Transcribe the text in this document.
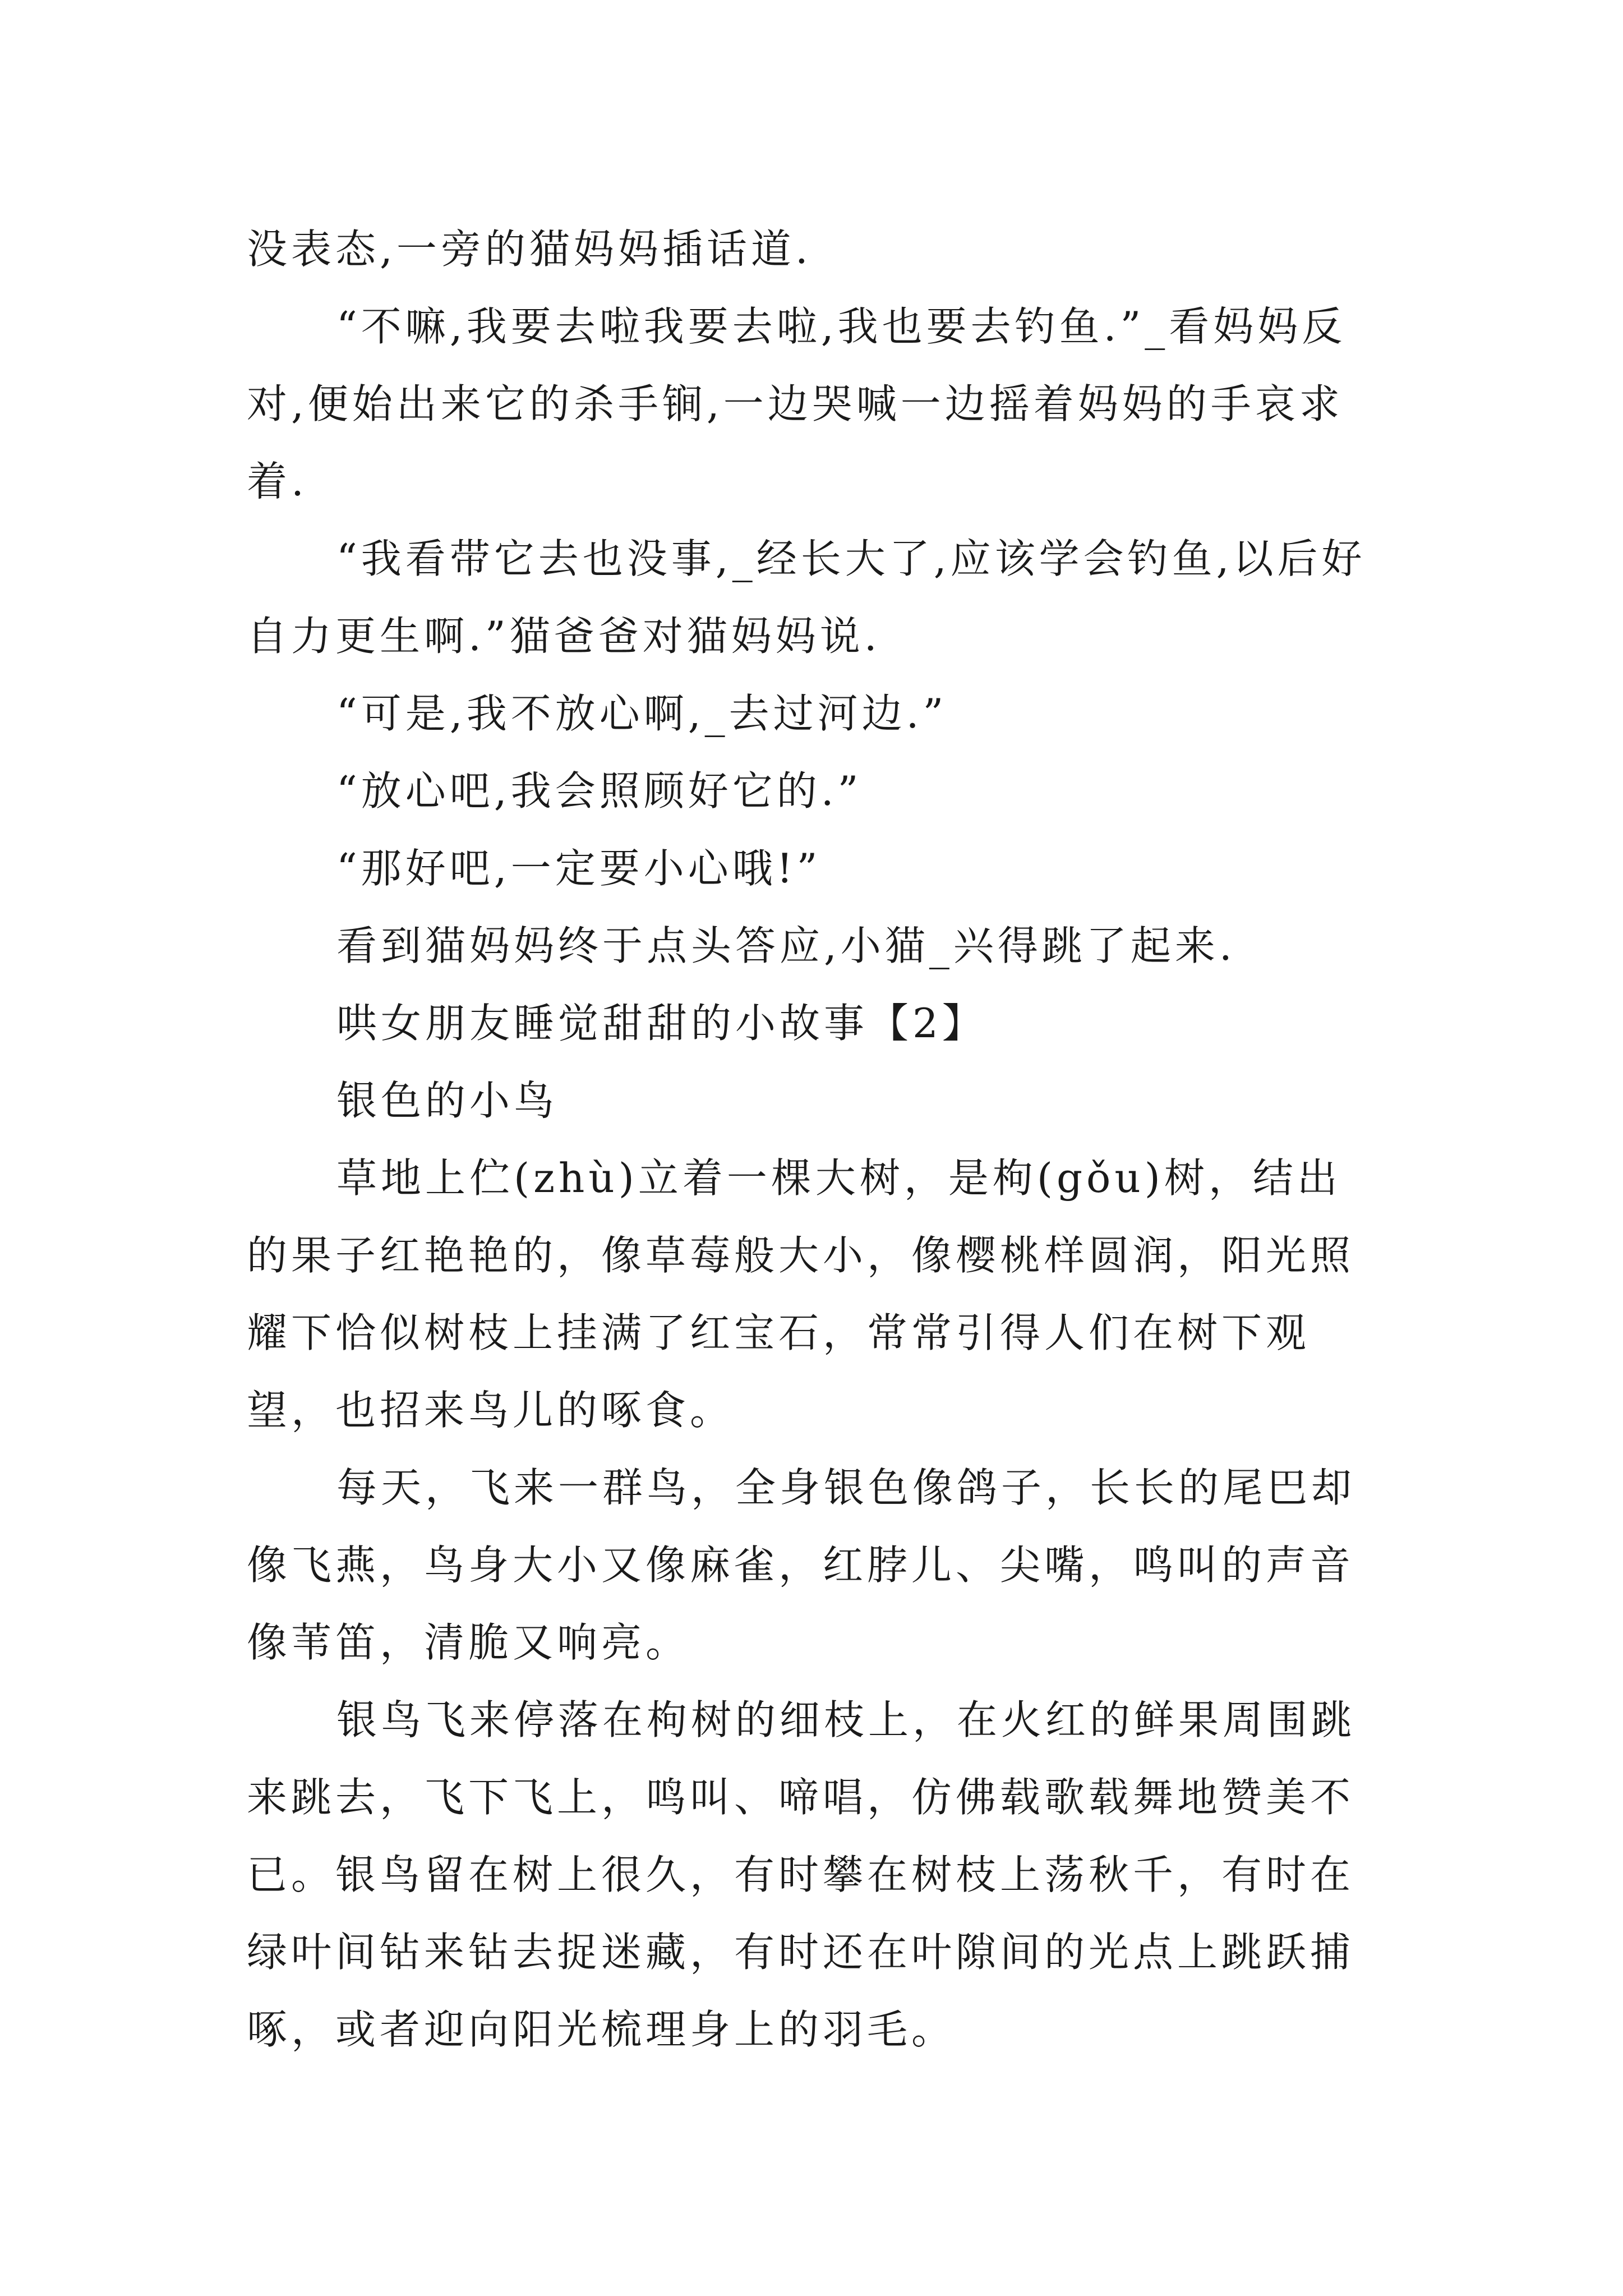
没表态,一旁的猫妈妈插话道.

“不嘛,我要去啦我要去啦,我也要去钓鱼.”_看妈妈反对,便始出来它的杀手锏,一边哭喊一边摇着妈妈的手哀求着.

“我看带它去也没事,_经长大了,应该学会钓鱼,以后好自力更生啊.”猫爸爸对猫妈妈说.

“可是,我不放心啊,_去过河边.”

“放心吧,我会照顾好它的.”

“那好吧,一定要小心哦!”

看到猫妈妈终于点头答应,小猫_兴得跳了起来.

哄女朋友睡觉甜甜的小故事【2】

银色的小鸟

草地上伫(zhù)立着一棵大树，是枸(gǒu)树，结出的果子红艳艳的，像草莓般大小，像樱桃样圆润，阳光照耀下恰似树枝上挂满了红宝石，常常引得人们在树下观望，也招来鸟儿的啄食。

每天，飞来一群鸟，全身银色像鸽子，长长的尾巴却像飞燕，鸟身大小又像麻雀，红脖儿、尖嘴，鸣叫的声音像苇笛，清脆又响亮。

银鸟飞来停落在枸树的细枝上，在火红的鲜果周围跳来跳去，飞下飞上，鸣叫、啼唱，仿佛载歌载舞地赞美不已。银鸟留在树上很久，有时攀在树枝上荡秋千，有时在绿叶间钻来钻去捉迷藏，有时还在叶隙间的光点上跳跃捕啄，或者迎向阳光梳理身上的羽毛。
